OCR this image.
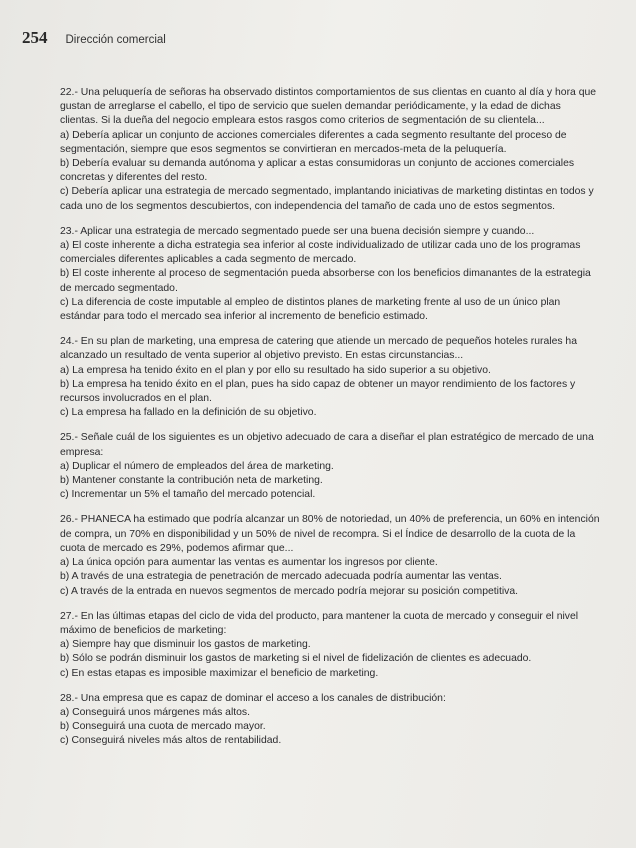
254 Dirección comercial

22.- Una peluquería de señoras ha observado distintos comportamientos de sus clientas en cuanto al día y hora que gustan de arreglarse el cabello, el tipo de servicio que suelen demandar periódicamente, y la edad de dichas clientas. Si la dueña del negocio empleara estos rasgos como criterios de segmentación de su clientela...

a) Debería aplicar un conjunto de acciones comerciales diferentes a cada segmento resultante del proceso de segmentación, siempre que esos segmentos se convirtieran en mercados-meta de la peluquería.

b) Debería evaluar su demanda autónoma y aplicar a estas consumidoras un conjunto de acciones comerciales concretas y diferentes del resto.

c) Debería aplicar una estrategia de mercado segmentado, implantando iniciativas de marketing distintas en todos y cada uno de los segmentos descubiertos, con independencia del tamaño de cada uno de estos segmentos.

23.- Aplicar una estrategia de mercado segmentado puede ser una buena decisión siempre y cuando...

a) El coste inherente a dicha estrategia sea inferior al coste individualizado de utilizar cada uno de los programas comerciales diferentes aplicables a cada segmento de mercado.

b) El coste inherente al proceso de segmentación pueda absorberse con los beneficios dimanantes de la estrategia de mercado segmentado.

c) La diferencia de coste imputable al empleo de distintos planes de marketing frente al uso de un único plan estándar para todo el mercado sea inferior al incremento de beneficio estimado.

24.- En su plan de marketing, una empresa de catering que atiende un mercado de pequeños hoteles rurales ha alcanzado un resultado de venta superior al objetivo previsto. En estas circunstancias...

a) La empresa ha tenido éxito en el plan y por ello su resultado ha sido superior a su objetivo.

b) La empresa ha tenido éxito en el plan, pues ha sido capaz de obtener un mayor rendimiento de los factores y recursos involucrados en el plan.

c) La empresa ha fallado en la definición de su objetivo.

25.- Señale cuál de los siguientes es un objetivo adecuado de cara a diseñar el plan estratégico de mercado de una empresa:

a) Duplicar el número de empleados del área de marketing.

b) Mantener constante la contribución neta de marketing.

c) Incrementar un 5% el tamaño del mercado potencial.

26.- PHANECA ha estimado que podría alcanzar un 80% de notoriedad, un 40% de preferencia, un 60% en intención de compra, un 70% en disponibilidad y un 50% de nivel de recompra. Si el Índice de desarrollo de la cuota de la cuota de mercado es 29%, podemos afirmar que...

a) La única opción para aumentar las ventas es aumentar los ingresos por cliente.

b) A través de una estrategia de penetración de mercado adecuada podría aumentar las ventas.

c) A través de la entrada en nuevos segmentos de mercado podría mejorar su posición competitiva.

27.- En las últimas etapas del ciclo de vida del producto, para mantener la cuota de mercado y conseguir el nivel máximo de beneficios de marketing:

a) Siempre hay que disminuir los gastos de marketing.

b) Sólo se podrán disminuir los gastos de marketing si el nivel de fidelización de clientes es adecuado.

c) En estas etapas es imposible maximizar el beneficio de marketing.

28.- Una empresa que es capaz de dominar el acceso a los canales de distribución:

a) Conseguirá unos márgenes más altos.

b) Conseguirá una cuota de mercado mayor.

c) Conseguirá niveles más altos de rentabilidad.
